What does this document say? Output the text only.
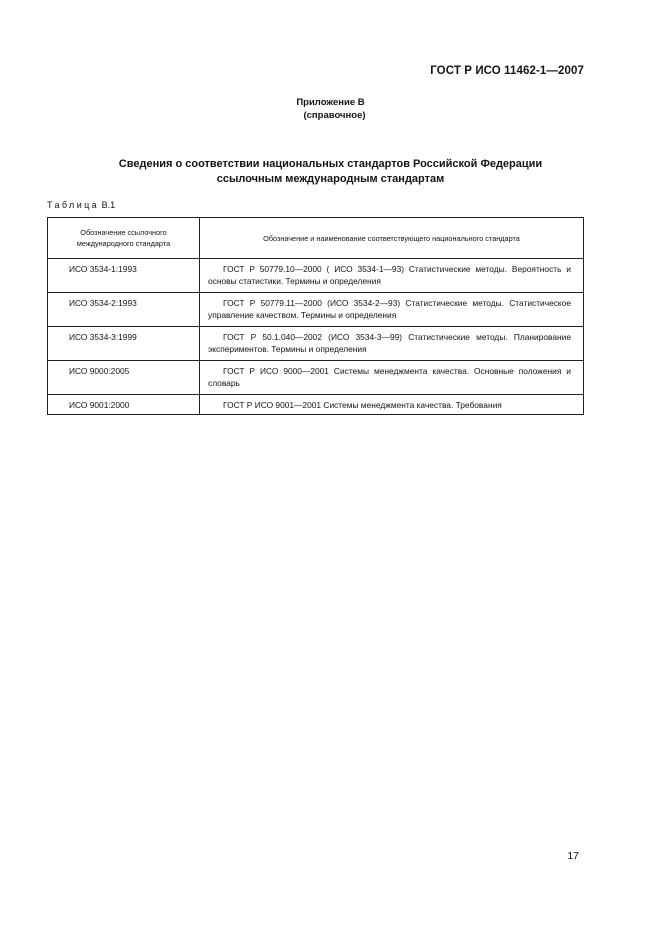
ГОСТ Р ИСО 11462-1—2007
Приложение В
(справочное)
Сведения о соответствии национальных стандартов Российской Федерации
ссылочным международным стандартам
Таблица В.1
Обозначение ссылочного международного стандарта	Обозначение и наименование соответствующего национального стандарта
ИСО 3534-1:1993	ГОСТ Р 50779.10—2000 ( ИСО 3534-1—93) Статистические методы. Вероятность и основы статистики. Термины и определения
ИСО 3534-2:1993	ГОСТ Р 50779.11—2000 (ИСО 3534-2—93) Статистические методы. Статистическое управление качеством. Термины и определения
ИСО 3534-3:1999	ГОСТ Р 50.1.040—2002 (ИСО 3534-3—99) Статистические методы. Планирование экспериментов. Термины и определения
ИСО 9000:2005	ГОСТ Р ИСО 9000—2001 Системы менеджмента качества. Основные положения и словарь
ИСО 9001:2000	ГОСТ Р ИСО 9001—2001 Системы менеджмента качества. Требования
17
